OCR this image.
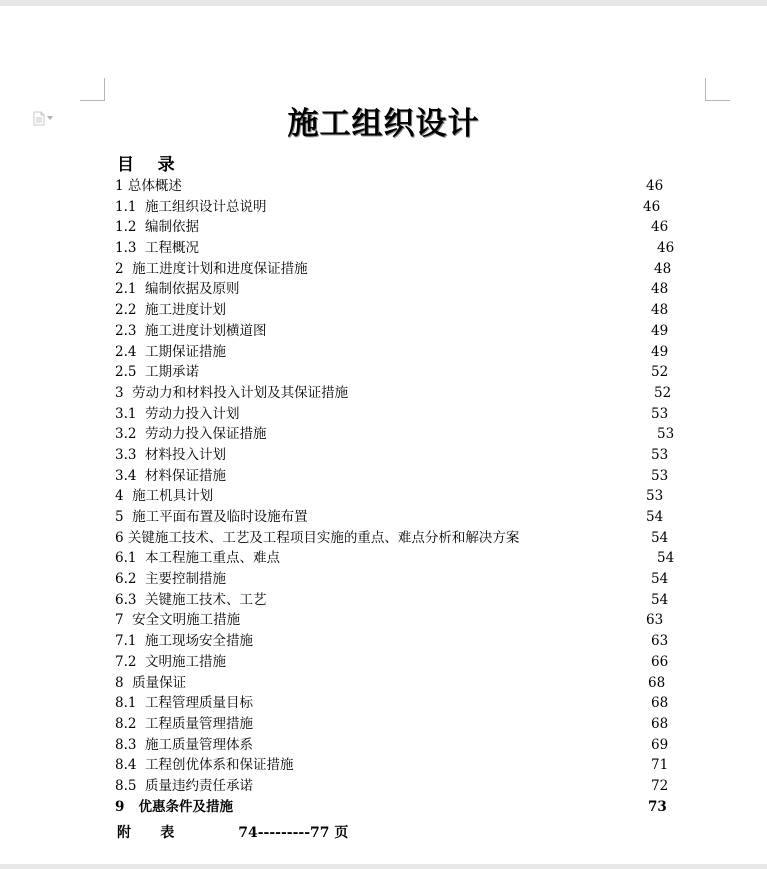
施工组织设计
目    录
1 总体概述	46
1.1  施工组织设计总说明	46
1.2  编制依据	46
1.3  工程概况	46
2  施工进度计划和进度保证措施	48
2.1  编制依据及原则	48
2.2  施工进度计划	48
2.3  施工进度计划横道图	49
2.4  工期保证措施	49
2.5  工期承诺	52
3  劳动力和材料投入计划及其保证措施	52
3.1  劳动力投入计划	53
3.2  劳动力投入保证措施	53
3.3  材料投入计划	53
3.4  材料保证措施	53
4  施工机具计划	53
5  施工平面布置及临时设施布置	54
6 关键施工技术、工艺及工程项目实施的重点、难点分析和解决方案	54
6.1  本工程施工重点、难点	54
6.2  主要控制措施	54
6.3  关键施工技术、工艺	54
7  安全文明施工措施	63
7.1  施工现场安全措施	63
7.2  文明施工措施	66
8  质量保证	68
8.1  工程管理质量目标	68
8.2  工程质量管理措施	68
8.3  施工质量管理体系	69
8.4  工程创优体系和保证措施	71
8.5  质量违约责任承诺	72
9   优惠条件及措施	73
附      表	74---------77 页
